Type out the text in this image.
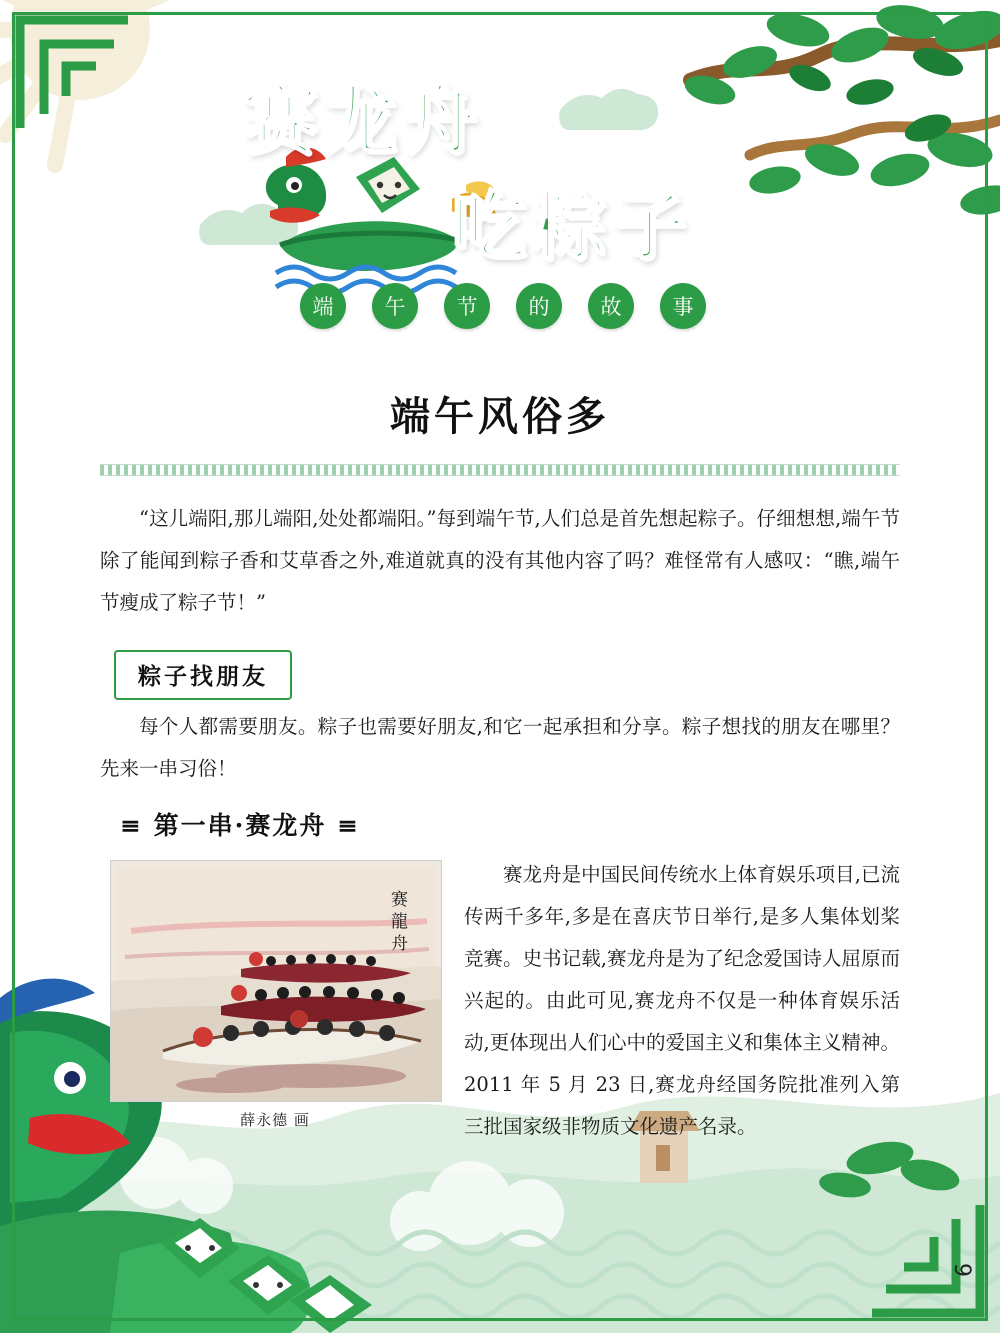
赛龙舟
吃粽子
端	午	节	的	故	事
端午风俗多

“这儿端阳,那儿端阳,处处都端阳。”每到端午节,人们总是首先想起粽子。仔细想想,端午节除了能闻到粽子香和艾草香之外,难道就真的没有其他内容了吗？难怪常有人感叹：“瞧,端午节瘦成了粽子节！”

粽子找朋友

每个人都需要朋友。粽子也需要好朋友,和它一起承担和分享。粽子想找的朋友在哪里？先来一串习俗！

≡ 第一串·赛龙舟 ≡
赛
龍
舟
薛永德 画

赛龙舟是中国民间传统水上体育娱乐项目,已流传两千多年,多是在喜庆节日举行,是多人集体划桨竞赛。史书记载,赛龙舟是为了纪念爱国诗人屈原而兴起的。由此可见,赛龙舟不仅是一种体育娱乐活动,更体现出人们心中的爱国主义和集体主义精神。2011 年 5 月 23 日,赛龙舟经国务院批准列入第三批国家级非物质文化遗产名录。

9
